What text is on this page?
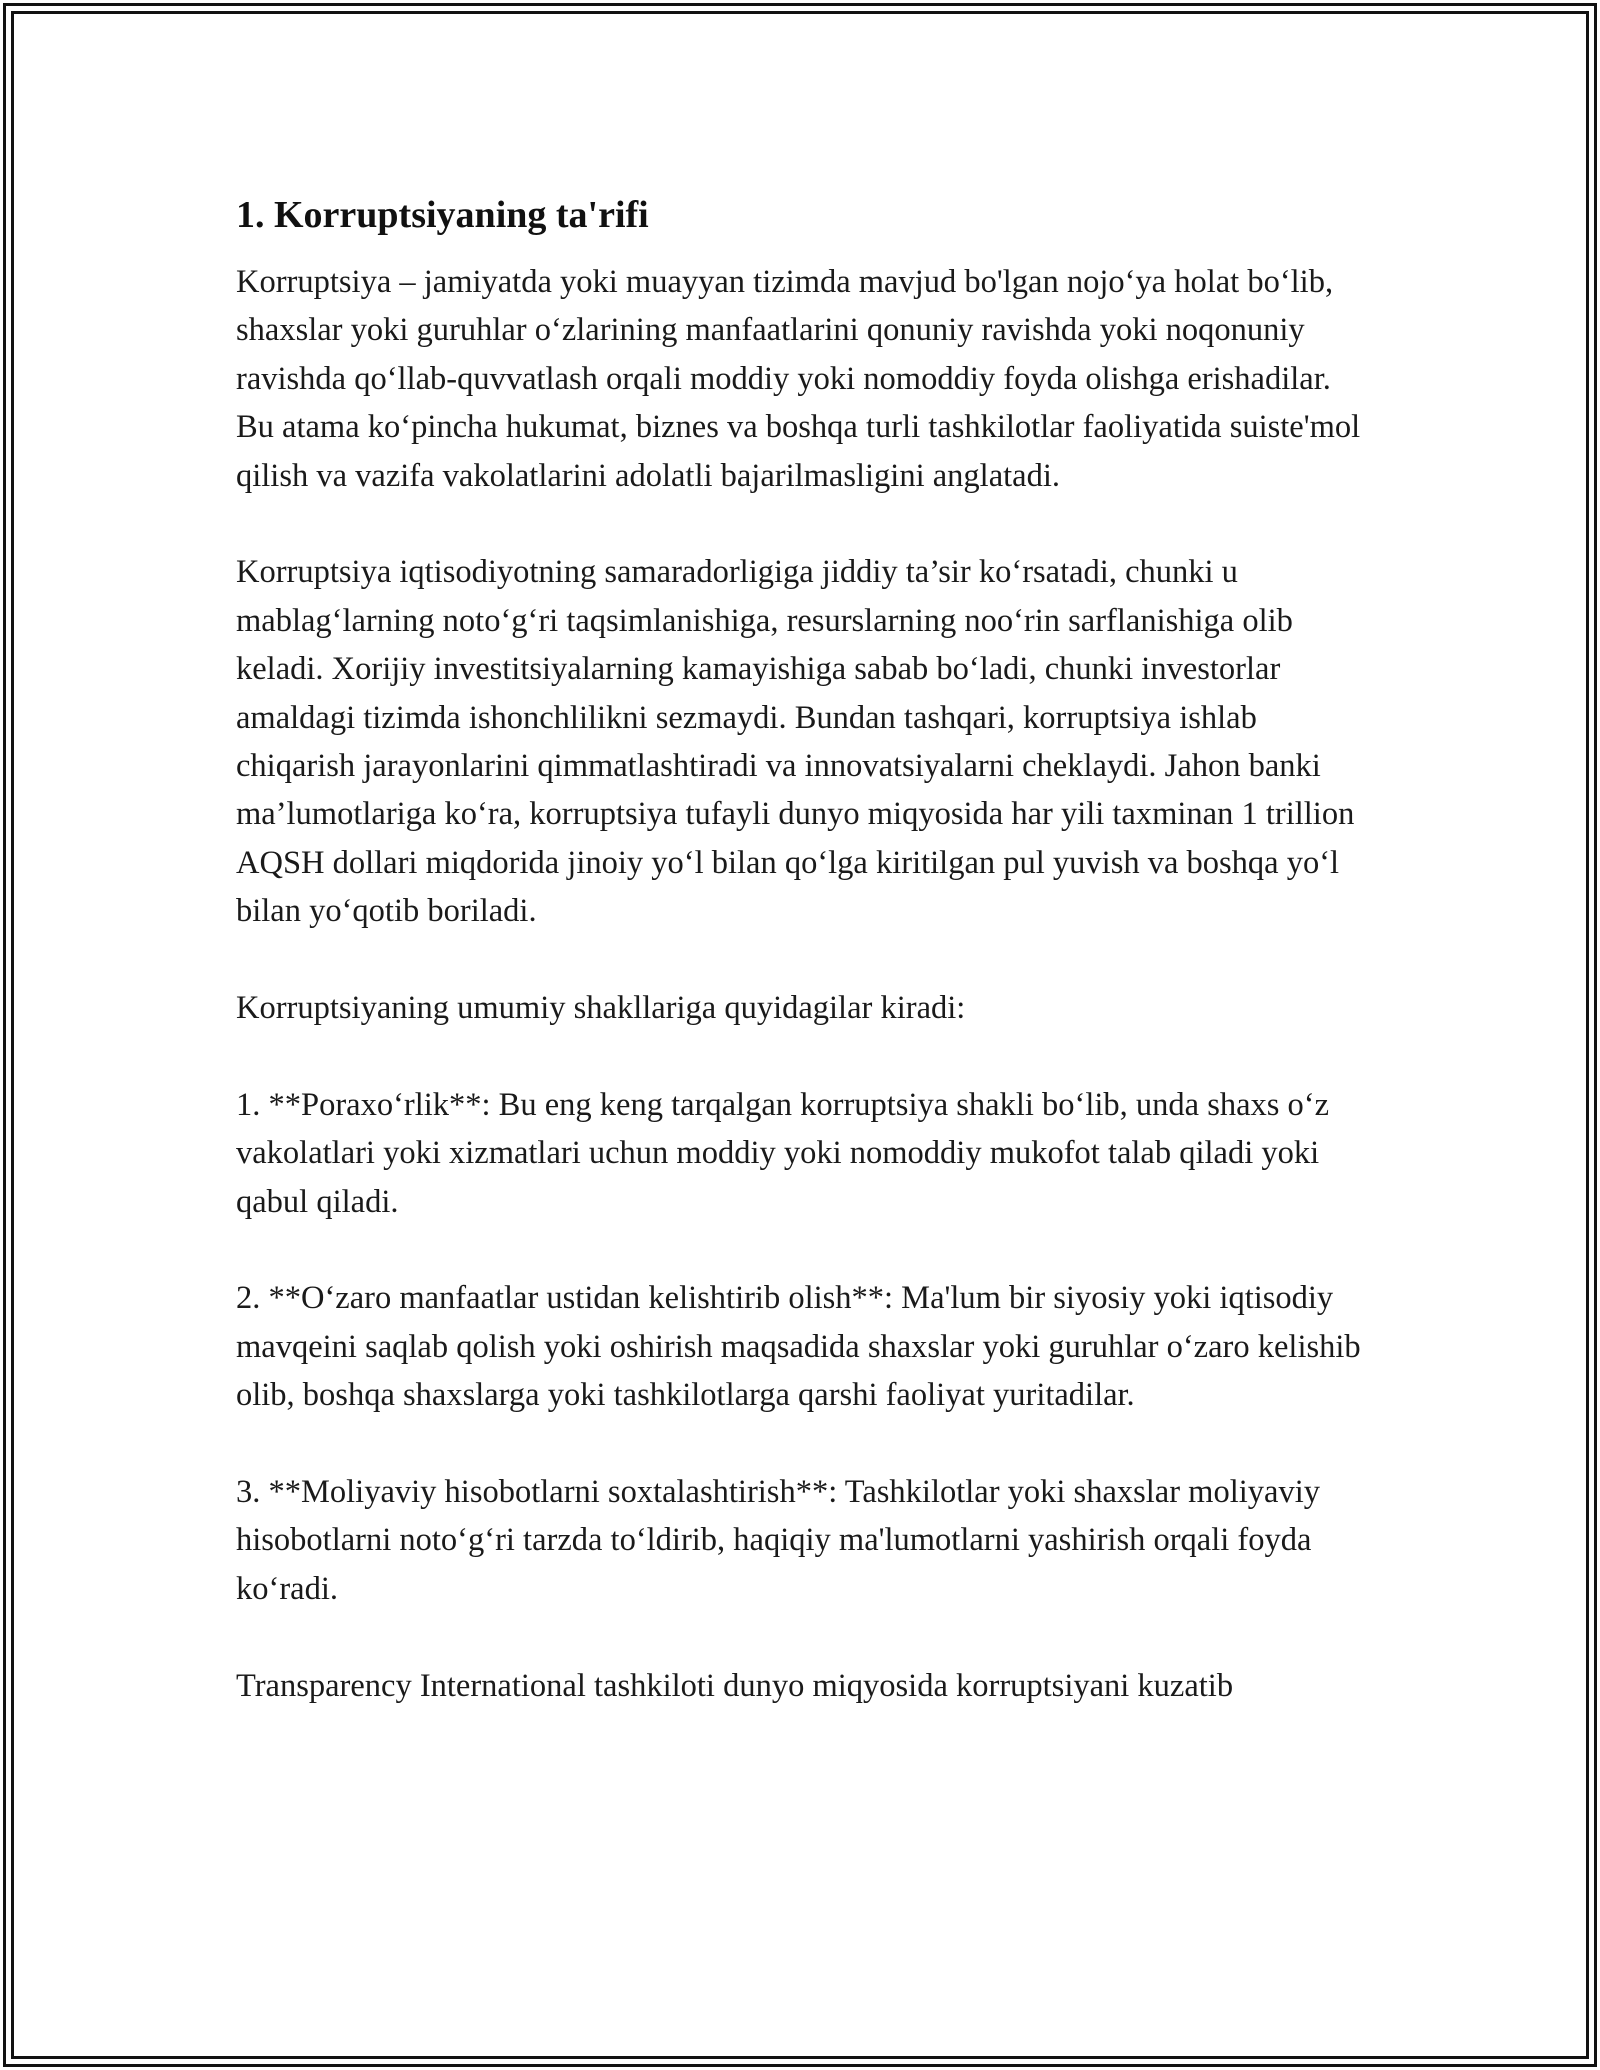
1. Korruptsiyaning ta'rifi

Korruptsiya – jamiyatda yoki muayyan tizimda mavjud bo'lgan nojo‘ya holat bo‘lib, shaxslar yoki guruhlar o‘zlarining manfaatlarini qonuniy ravishda yoki noqonuniy ravishda qo‘llab-quvvatlash orqali moddiy yoki nomoddiy foyda olishga erishadilar. Bu atama ko‘pincha hukumat, biznes va boshqa turli tashkilotlar faoliyatida suiste'mol qilish va vazifa vakolatlarini adolatli bajarilmasligini anglatadi.

Korruptsiya iqtisodiyotning samaradorligiga jiddiy ta’sir ko‘rsatadi, chunki u mablag‘larning noto‘g‘ri taqsimlanishiga, resurslarning noo‘rin sarflanishiga olib keladi. Xorijiy investitsiyalarning kamayishiga sabab bo‘ladi, chunki investorlar amaldagi tizimda ishonchlilikni sezmaydi. Bundan tashqari, korruptsiya ishlab chiqarish jarayonlarini qimmatlashtiradi va innovatsiyalarni cheklaydi. Jahon banki ma’lumotlariga ko‘ra, korruptsiya tufayli dunyo miqyosida har yili taxminan 1 trillion AQSH dollari miqdorida jinoiy yo‘l bilan qo‘lga kiritilgan pul yuvish va boshqa yo‘l bilan yo‘qotib boriladi.

Korruptsiyaning umumiy shakllariga quyidagilar kiradi:

1. **Poraxo‘rlik**: Bu eng keng tarqalgan korruptsiya shakli bo‘lib, unda shaxs o‘z vakolatlari yoki xizmatlari uchun moddiy yoki nomoddiy mukofot talab qiladi yoki qabul qiladi.

2. **O‘zaro manfaatlar ustidan kelishtirib olish**: Ma'lum bir siyosiy yoki iqtisodiy mavqeini saqlab qolish yoki oshirish maqsadida shaxslar yoki guruhlar o‘zaro kelishib olib, boshqa shaxslarga yoki tashkilotlarga qarshi faoliyat yuritadilar.

3. **Moliyaviy hisobotlarni soxtalashtirish**: Tashkilotlar yoki shaxslar moliyaviy hisobotlarni noto‘g‘ri tarzda to‘ldirib, haqiqiy ma'lumotlarni yashirish orqali foyda ko‘radi.

Transparency International tashkiloti dunyo miqyosida korruptsiyani kuzatib
